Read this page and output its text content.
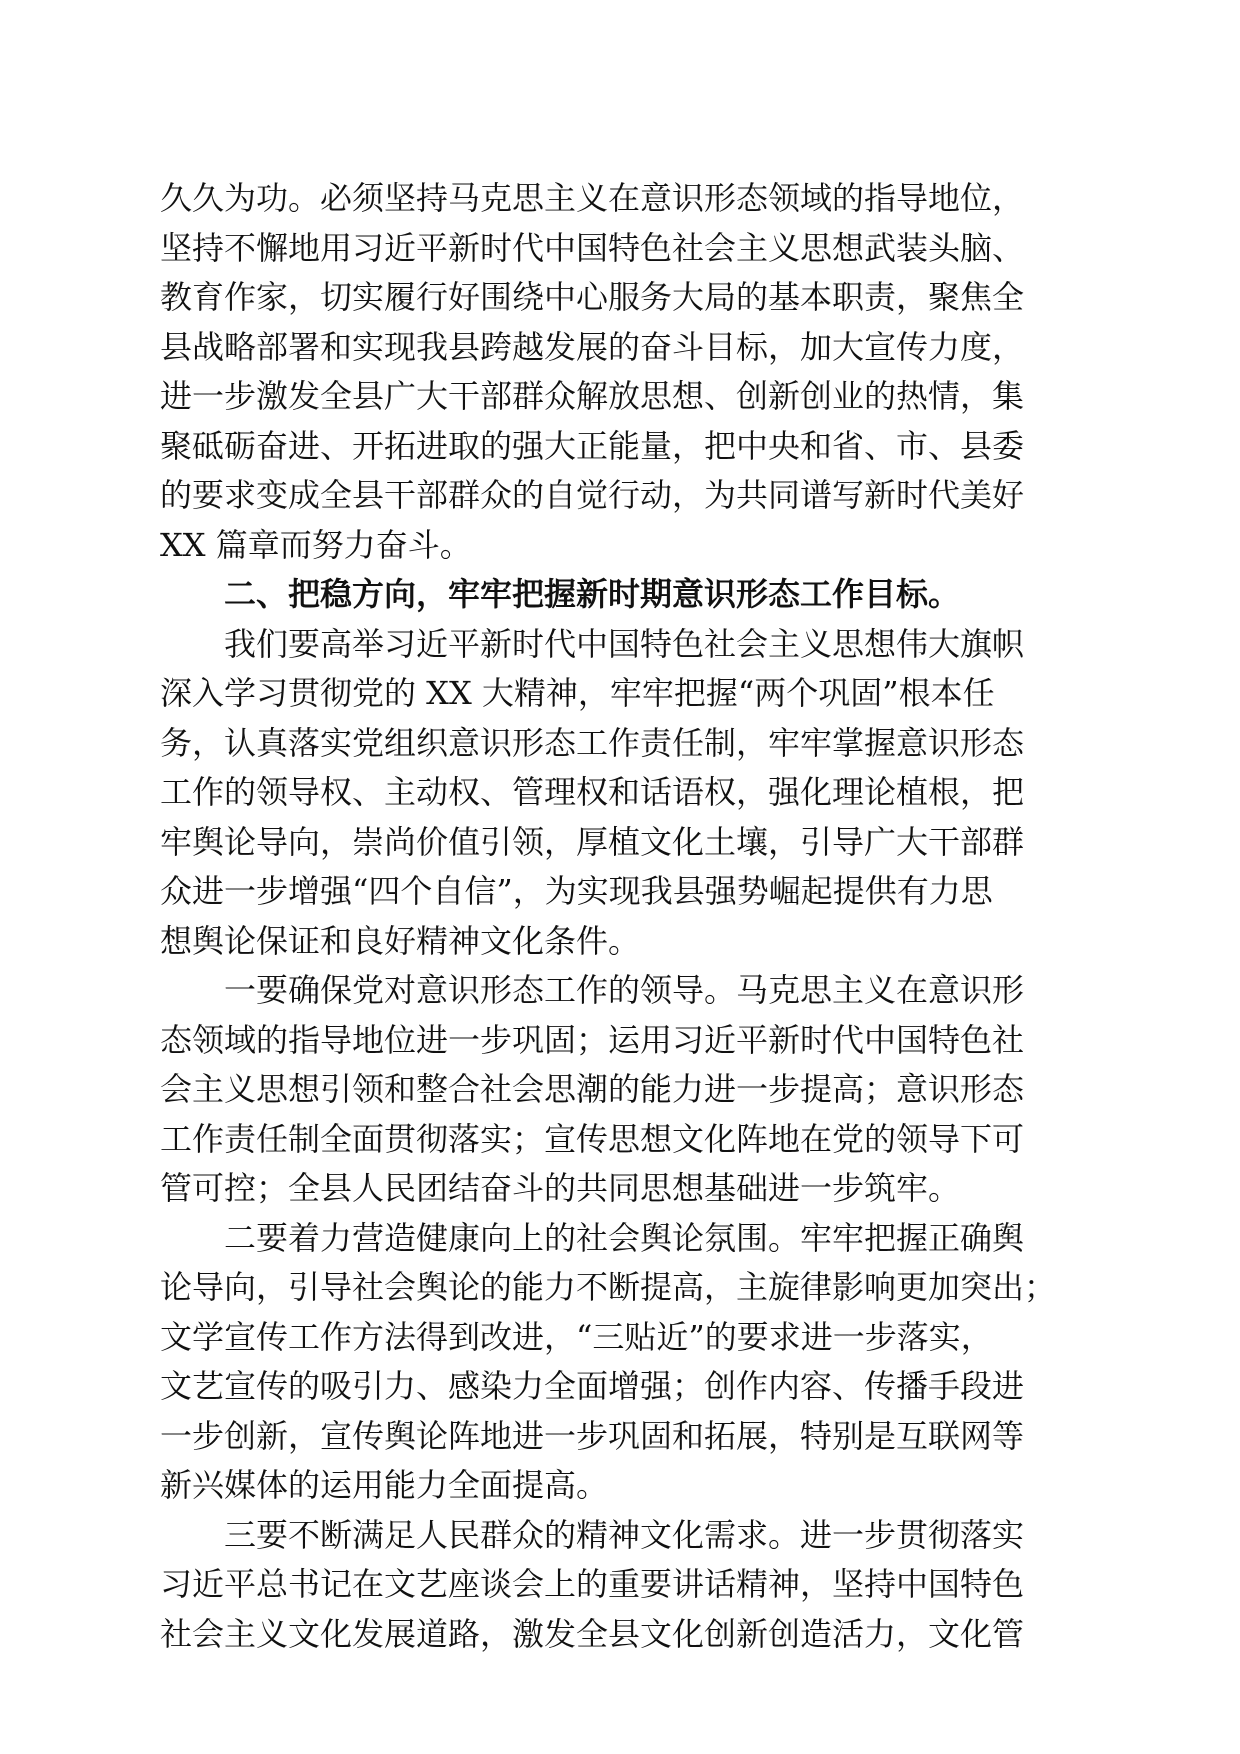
久久为功。必须坚持马克思主义在意识形态领域的指导地位，
坚持不懈地用习近平新时代中国特色社会主义思想武装头脑、
教育作家，切实履行好围绕中心服务大局的基本职责，聚焦全
县战略部署和实现我县跨越发展的奋斗目标，加大宣传力度，
进一步激发全县广大干部群众解放思想、创新创业的热情，集
聚砥砺奋进、开拓进取的强大正能量，把中央和省、市、县委
的要求变成全县干部群众的自觉行动，为共同谱写新时代美好
XX 篇章而努力奋斗。
二、把稳方向，牢牢把握新时期意识形态工作目标。
我们要高举习近平新时代中国特色社会主义思想伟大旗帜
深入学习贯彻党的 XX 大精神，牢牢把握“两个巩固”根本任
务，认真落实党组织意识形态工作责任制，牢牢掌握意识形态
工作的领导权、主动权、管理权和话语权，强化理论植根，把
牢舆论导向，崇尚价值引领，厚植文化土壤，引导广大干部群
众进一步增强“四个自信”，为实现我县强势崛起提供有力思
想舆论保证和良好精神文化条件。
一要确保党对意识形态工作的领导。马克思主义在意识形
态领域的指导地位进一步巩固；运用习近平新时代中国特色社
会主义思想引领和整合社会思潮的能力进一步提高；意识形态
工作责任制全面贯彻落实；宣传思想文化阵地在党的领导下可
管可控；全县人民团结奋斗的共同思想基础进一步筑牢。
二要着力营造健康向上的社会舆论氛围。牢牢把握正确舆
论导向，引导社会舆论的能力不断提高，主旋律影响更加突出；
文学宣传工作方法得到改进，“三贴近”的要求进一步落实，
文艺宣传的吸引力、感染力全面增强；创作内容、传播手段进
一步创新，宣传舆论阵地进一步巩固和拓展，特别是互联网等
新兴媒体的运用能力全面提高。
三要不断满足人民群众的精神文化需求。进一步贯彻落实
习近平总书记在文艺座谈会上的重要讲话精神，坚持中国特色
社会主义文化发展道路，激发全县文化创新创造活力，文化管
